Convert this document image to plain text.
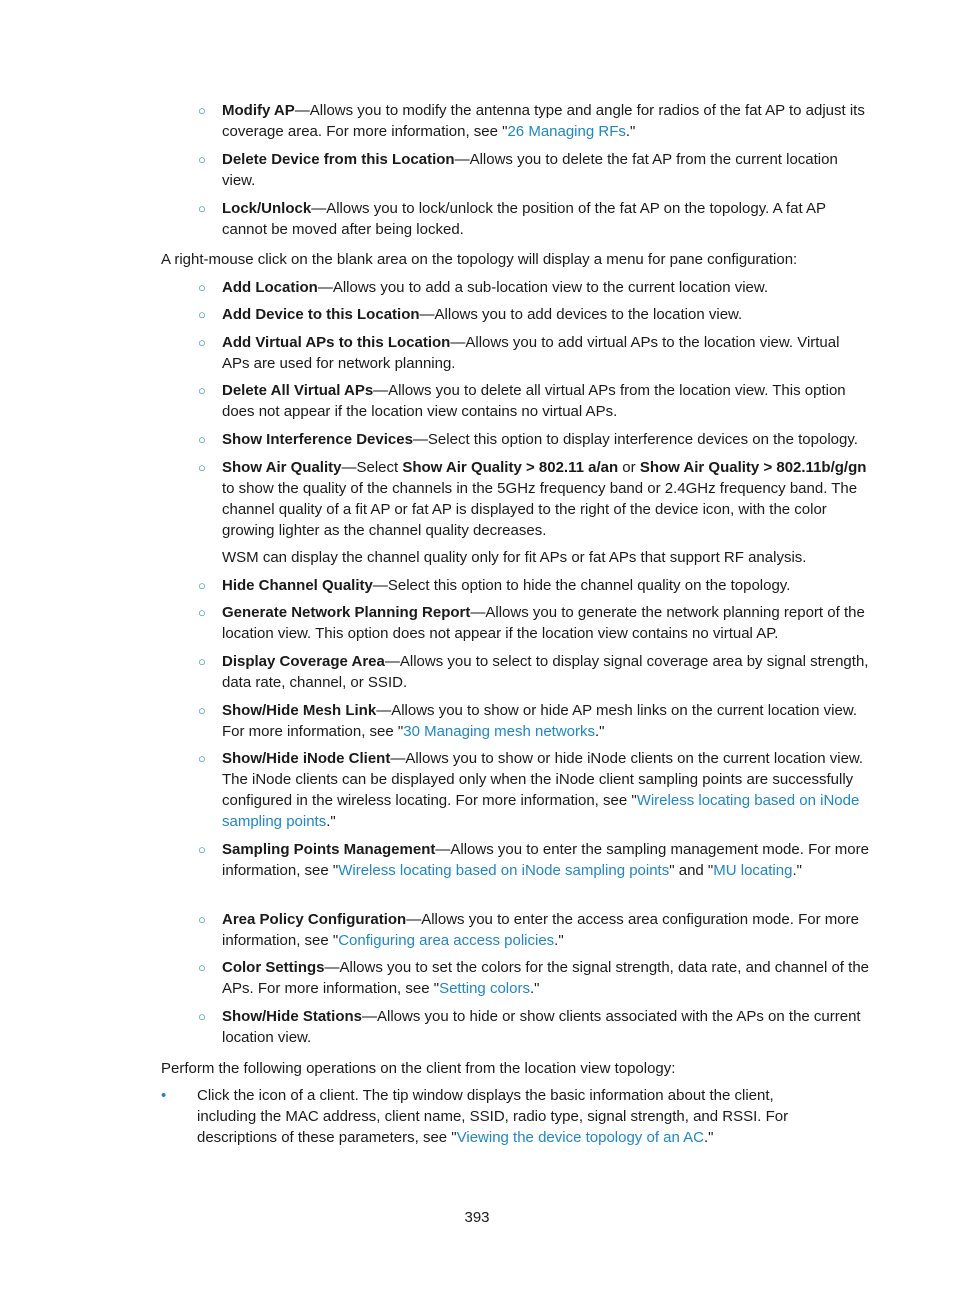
○ Modify AP—Allows you to modify the antenna type and angle for radios of the fat AP to adjust its coverage area. For more information, see "26 Managing RFs."
○ Delete Device from this Location—Allows you to delete the fat AP from the current location view.
○ Lock/Unlock—Allows you to lock/unlock the position of the fat AP on the topology. A fat AP cannot be moved after being locked.
A right-mouse click on the blank area on the topology will display a menu for pane configuration:
○ Add Location—Allows you to add a sub-location view to the current location view.
○ Add Device to this Location—Allows you to add devices to the location view.
○ Add Virtual APs to this Location—Allows you to add virtual APs to the location view. Virtual APs are used for network planning.
○ Delete All Virtual APs—Allows you to delete all virtual APs from the location view. This option does not appear if the location view contains no virtual APs.
○ Show Interference Devices—Select this option to display interference devices on the topology.
○ Show Air Quality—Select Show Air Quality > 802.11 a/an or Show Air Quality > 802.11b/g/gn to show the quality of the channels in the 5GHz frequency band or 2.4GHz frequency band. The channel quality of a fit AP or fat AP is displayed to the right of the device icon, with the color growing lighter as the channel quality decreases.
WSM can display the channel quality only for fit APs or fat APs that support RF analysis.
○ Hide Channel Quality—Select this option to hide the channel quality on the topology.
○ Generate Network Planning Report—Allows you to generate the network planning report of the location view. This option does not appear if the location view contains no virtual AP.
○ Display Coverage Area—Allows you to select to display signal coverage area by signal strength, data rate, channel, or SSID.
○ Show/Hide Mesh Link—Allows you to show or hide AP mesh links on the current location view. For more information, see "30 Managing mesh networks."
○ Show/Hide iNode Client—Allows you to show or hide iNode clients on the current location view. The iNode clients can be displayed only when the iNode client sampling points are successfully configured in the wireless locating. For more information, see "Wireless locating based on iNode sampling points."
○ Sampling Points Management—Allows you to enter the sampling management mode. For more information, see "Wireless locating based on iNode sampling points" and "MU locating."
○ Area Policy Configuration—Allows you to enter the access area configuration mode. For more information, see "Configuring area access policies."
○ Color Settings—Allows you to set the colors for the signal strength, data rate, and channel of the APs. For more information, see "Setting colors."
○ Show/Hide Stations—Allows you to hide or show clients associated with the APs on the current location view.
Perform the following operations on the client from the location view topology:
• Click the icon of a client. The tip window displays the basic information about the client, including the MAC address, client name, SSID, radio type, signal strength, and RSSI. For descriptions of these parameters, see "Viewing the device topology of an AC."
393
